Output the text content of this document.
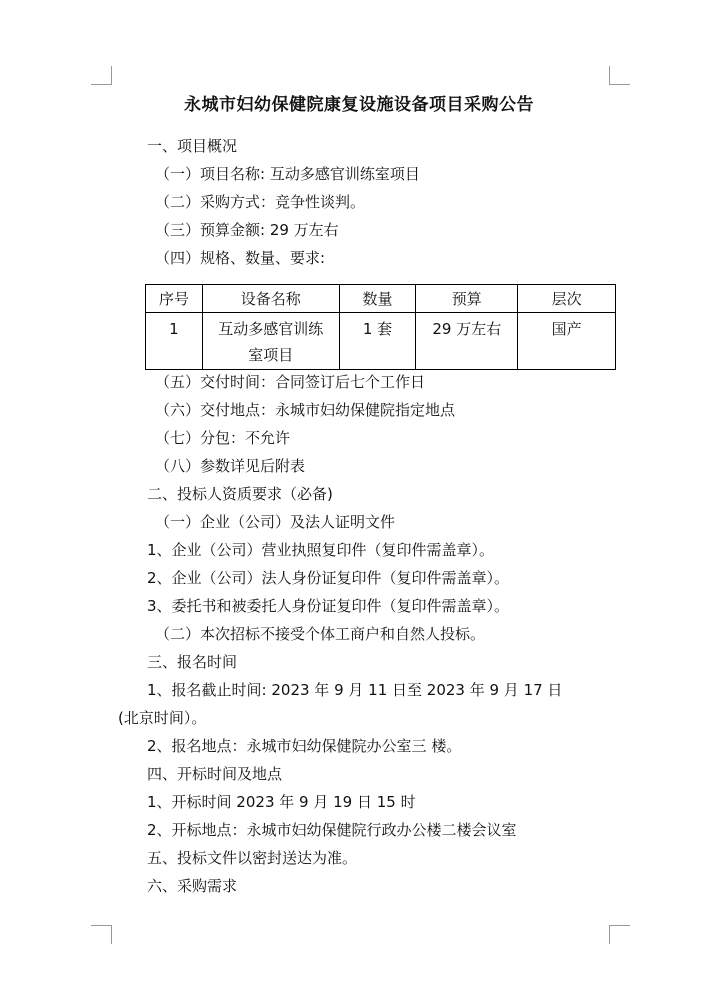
永城市妇幼保健院康复设施设备项目采购公告
一、项目概况
（一）项目名称: 互动多感官训练室项目
（二）采购方式：竞争性谈判。
（三）预算金额: 29 万左右
（四）规格、数量、要求:
序号	设备名称	数量	预算	层次
1	互动多感官训练
室项目	1 套	29 万左右	国产
（五）交付时间：合同签订后七个工作日
（六）交付地点：永城市妇幼保健院指定地点
（七）分包：不允许
（八）参数详见后附表
二、投标人资质要求（必备)
（一）企业（公司）及法人证明文件
1、企业（公司）营业执照复印件（复印件需盖章）。
2、企业（公司）法人身份证复印件（复印件需盖章）。
3、委托书和被委托人身份证复印件（复印件需盖章）。
（二）本次招标不接受个体工商户和自然人投标。
三、报名时间
1、报名截止时间: 2023 年 9 月 11 日至 2023 年 9 月 17 日
(北京时间）。
2、报名地点：永城市妇幼保健院办公室三 楼。
四、开标时间及地点
1、开标时间 2023 年 9 月 19 日 15 时
2、开标地点：永城市妇幼保健院行政办公楼二楼会议室
五、投标文件以密封送达为准。
六、采购需求
